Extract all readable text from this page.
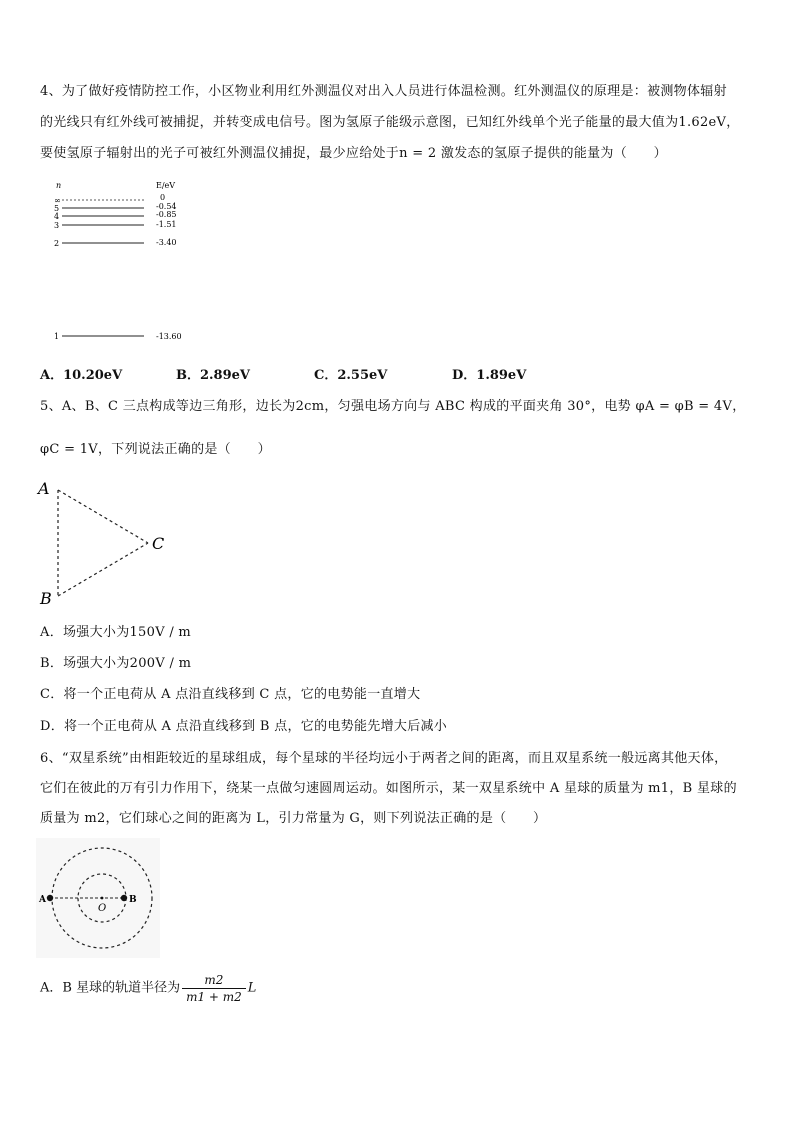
4、为了做好疫情防控工作，小区物业利用红外测温仪对出入人员进行体温检测。红外测温仪的原理是：被测物体辐射
的光线只有红外线可被捕捉，并转变成电信号。图为氢原子能级示意图，已知红外线单个光子能量的最大值为1.62eV，
要使氢原子辐射出的光子可被红外测温仪捕捉，最少应给处于n = 2 激发态的氢原子提供的能量为（　　）
n	E/eV
∞
5
4
3
2
1
0
-0.54
-0.85
-1.51
-3.40
-13.60
A．10.20eV	B．2.89eV	C．2.55eV	D．1.89eV
5、A、B、C 三点构成等边三角形，边长为2cm，匀强电场方向与 ABC 构成的平面夹角 30°，电势 φA = φB = 4V，
φC = 1V，下列说法正确的是（　　）
A
B
C
A．场强大小为150V / m
B．场强大小为200V / m
C．将一个正电荷从 A 点沿直线移到 C 点，它的电势能一直增大
D．将一个正电荷从 A 点沿直线移到 B 点，它的电势能先增大后减小
6、“双星系统”由相距较近的星球组成，每个星球的半径均远小于两者之间的距离，而且双星系统一般远离其他天体，
它们在彼此的万有引力作用下，绕某一点做匀速圆周运动。如图所示，某一双星系统中 A 星球的质量为 m1，B 星球的
质量为 m2，它们球心之间的距离为 L，引力常量为 G，则下列说法正确的是（　　）
A
O
B
A．B 星球的轨道半径为 $\frac{m2}{m1 + m2}$ L
